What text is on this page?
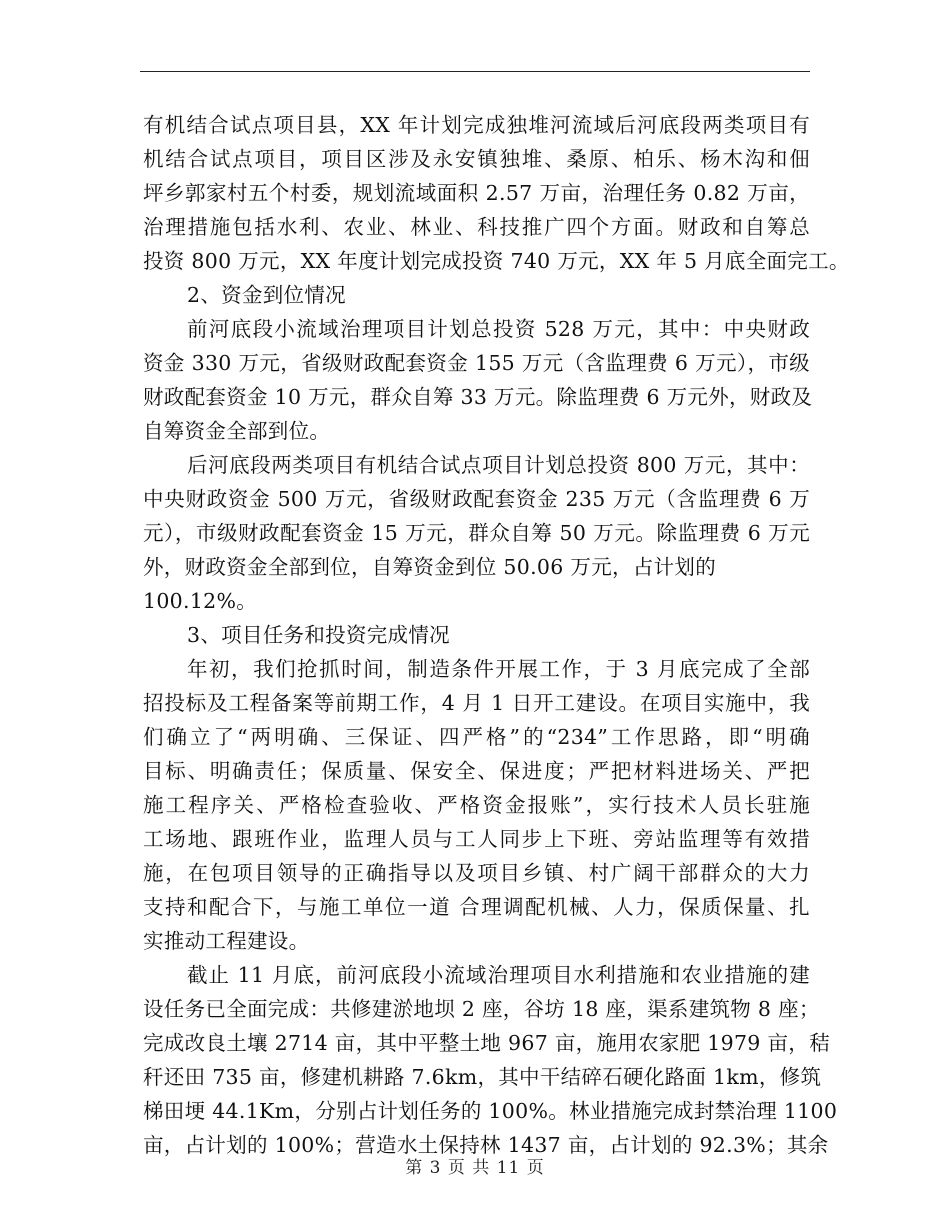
有机结合试点项目县，XX 年计划完成独堆河流域后河底段两类项目有
机结合试点项目，项目区涉及永安镇独堆、桑原、柏乐、杨木沟和佃
坪乡郭家村五个村委，规划流域面积 2.57 万亩，治理任务 0.82 万亩，
治理措施包括水利、农业、林业、科技推广四个方面。财政和自筹总
投资 800 万元，XX 年度计划完成投资 740 万元，XX 年 5 月底全面完工。
2、资金到位情况
前河底段小流域治理项目计划总投资 528 万元，其中：中央财政
资金 330 万元，省级财政配套资金 155 万元（含监理费 6 万元），市级
财政配套资金 10 万元，群众自筹 33 万元。除监理费 6 万元外，财政及
自筹资金全部到位。
后河底段两类项目有机结合试点项目计划总投资 800 万元，其中：
中央财政资金 500 万元，省级财政配套资金 235 万元（含监理费 6 万
元），市级财政配套资金 15 万元，群众自筹 50 万元。除监理费 6 万元
外，财政资金全部到位，自筹资金到位 50.06 万元，占计划的
100.12%。
3、项目任务和投资完成情况
年初，我们抢抓时间，制造条件开展工作，于 3 月底完成了全部
招投标及工程备案等前期工作，4 月 1 日开工建设。在项目实施中，我
们确立了“两明确、三保证、四严格”的“234”工作思路，即“明确
目标、明确责任；保质量、保安全、保进度；严把材料进场关、严把
施工程序关、严格检查验收、严格资金报账”，实行技术人员长驻施
工场地、跟班作业，监理人员与工人同步上下班、旁站监理等有效措
施，在包项目领导的正确指导以及项目乡镇、村广阔干部群众的大力
支持和配合下，与施工单位一道 合理调配机械、人力，保质保量、扎
实推动工程建设。
截止 11 月底，前河底段小流域治理项目水利措施和农业措施的建
设任务已全面完成：共修建淤地坝 2 座，谷坊 18 座，渠系建筑物 8 座；
完成改良土壤 2714 亩，其中平整土地 967 亩，施用农家肥 1979 亩，秸
秆还田 735 亩，修建机耕路 7.6km，其中干结碎石硬化路面 1km，修筑
梯田埂 44.1Km，分别占计划任务的 100%。林业措施完成封禁治理 1100
亩，占计划的 100%；营造水土保持林 1437 亩，占计划的 92.3%；其余
第 3 页 共 11 页
